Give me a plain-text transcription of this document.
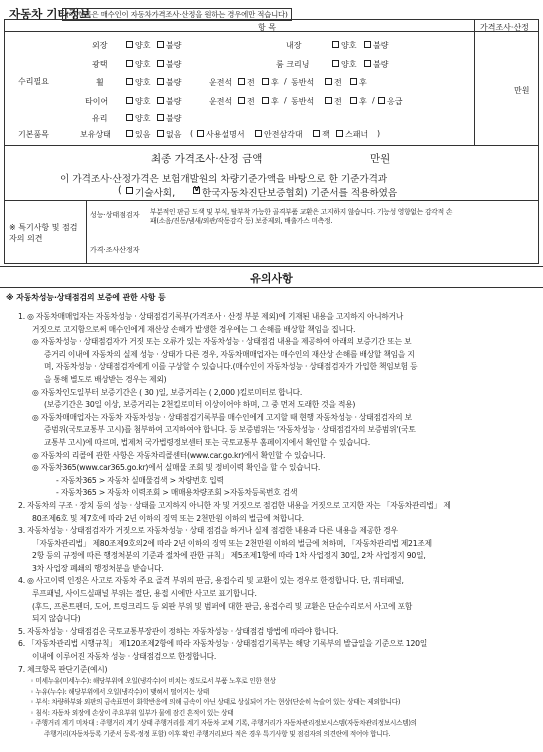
자동차 기타정보
(이 항목은 매수인이 자동차가격조사·산정을 원하는 경우에만 적습니다)
항 목	가격조사·산정
외장	양호 불량	내장	양호 불량
광택	양호 불량	룸 크리닝	양호 불량
수리필요	휠	양호 불량	운전석 전 후 / 동반석 전 후
타이어	양호 불량	운전석 전 후 / 동반석 전 후 / 응급
만원
유리	양호 불량
기본품목	보유상태	있음 없음 ( 사용설명서 안전삼각대 잭 스패너 )
최종 가격조사·산정 금액	만원
이 가격조사·산정가격은 보험개발원의 차량기준가액을 바탕으로 한 기준가격과
( 기술사회,
V	한국자동차진단보증협회) 기준서를 적용하였음
※ 특기사항 및 점검자의 의견
성능·상태점검자 부분적인 판금 도색 및 부식, 탈부착 가능한 골격부품 교환은 고지하지 않습니다. 기능성 영향없는 감각적 손
패(소음/진동/냄새/외관/작동감각 등) 보증제외, 배출가스 미측정.
가격·조사산정자
유의사항
※ 자동차성능·상태점검의 보증에 관한 사항 등

1. ◎ 자동차매매업자는 자동차성능 · 상태점검기록부(가격조사 · 산정 부분 제외)에 기재된 내용을 고지하지 아니하거나

거짓으로 고지함으로써 매수인에게 재산상 손해가 발생한 경우에는 그 손해를 배상할 책임을 집니다.

◎ 자동차성능 · 상태점검자가 거짓 또는 오류가 있는 자동차성능 · 상태점검 내용을 제공하여 아래의 보증기간 또는 보

증거리 이내에 자동차의 실제 성능 · 상태가 다른 경우, 자동차매매업자는 매수인의 재산상 손해를 배상할 책임을 지

며, 자동차성능 · 상태점검자에게 이를 구상할 수 있습니다.(매수인이 자동차성능 · 상태점검자가 가입한 책임보험 등

을 통해 별도로 배상받는 경우는 제외)

◎ 자동차인도일부터 보증기간은 ( 30 )일, 보증거리는 ( 2,000 )킬로미터로 합니다.

(보증기간은 30일 이상, 보증거리는 2천킬로미터 이상이어야 하며, 그 중 먼저 도래한 것을 적용)

◎ 자동차매매업자는 자동차 자동차성능 · 상태점검기록부를 매수인에게 고지할 때 현행 자동차성능 · 상태점검자의 보

증범위(국토교통부 고시)를 첨부하여 고지하여야 합니다. 등 보증범위는 '자동차성능 · 상태점검자의 보증범위'(국토

교통부 고시)에 따르며, 법제처 국가법령정보센터 또는 국토교통부 홈페이지에서 확인할 수 있습니다.

◎ 자동차의 리콜에 관한 사항은 자동차리콜센터(www.car.go.kr)에서 확인할 수 있습니다.

◎ 자동차365(www.car365.go.kr)에서 실매물 조회 및 정비이력 확인을 할 수 있습니다.

- 자동차365 > 자동차 실매물검색 > 차량번호 입력

- 자동차365 > 자동차 이력조회 > 매매용차량조회 >자동차등록번호 검색

2. 자동차의 구조 · 장치 등의 성능 · 상태를 고지하지 아니한 자 및 거짓으로 점검한 내용을 거짓으로 고지한 자는 「자동차관리법」 제

80조제6호 및 제7호에 따라 2년 이하의 징역 또는 2천만원 이하의 벌금에 처합니다.

3. 자동차성능 · 상태점검자가 거짓으로 자동차성능 · 상태 점검을 하거나 실제 점검한 내용과 다른 내용을 제공한 경우

「자동차관리법」 제80조제9호의2에 따라 2년 이하의 징역 또는 2천만원 이하의 벌금에 처하며, 「자동차관리법 제21조제

2항 등의 규정에 따른 행정처분의 기준과 절차에 관한 규칙」 제5조제1항에 따라 1차 사업정지 30일, 2차 사업정지 90일,

3차 사업장 폐쇄의 행정처분을 받습니다.

4. ◎ 사고이력 인정은 사고로 자동차 주요 골격 부위의 판금, 용접수리 및 교환이 있는 경우로 한정합니다. 단, 쿼터패널,

루프패널, 사이드실패널 부위는 절단, 용접 시에만 사고로 표기합니다.

(후드, 프론트펜더, 도어, 트렁크리드 등 외판 부위 및 범퍼에 대한 판금, 용접수리 및 교환은 단순수리로서 사고에 포함

되지 않습니다)

5. 자동차성능 · 상태점검은 국토교통부장관이 정하는 자동차성능 · 상태점검 방법에 따라야 합니다.

6. 「자동차관리법 시행규칙」 제120조제2항에 따라 자동차성능 · 상태점검기록부는 해당 기록부의 발급일을 기준으로 120일

이내에 이루어진 자동차 성능 · 상태점검으로 한정합니다.

7. 체크항목 판단기준(예시)

◦ 미세누유(미세누수): 해당부위에 오일(냉각수)이 비치는 정도로서 부품 노후로 인한 현상

◦ 누유(누수): 해당부위에서 오일(냉각수)이 맺혀서 떨어지는 상태

◦ 부식: 차량하부와 외판의 금속표면이 화학반응에 의해 금속이 아닌 상태로 상실되어 가는 현상(단순히 녹슬어 있는 상태는 제외합니다)

◦ 침식: 자동차 외장에 손상이 주요부위 일부가 물에 잠긴 흔적이 있는 상태

◦ 주행거리 계기 미차대 : 주행거리 계기 상태 주행거리를 계기 자동차 교체 기록, 주행거리가 자동차관리정보시스템(자동차관리정보시스템)의

주행거리(자동차등록 기준서 등록·정정 포함) 이후 확인 주행거리보다 적은 경우 특기사항 및 점검자의 의견란에 적어야 합니다.
